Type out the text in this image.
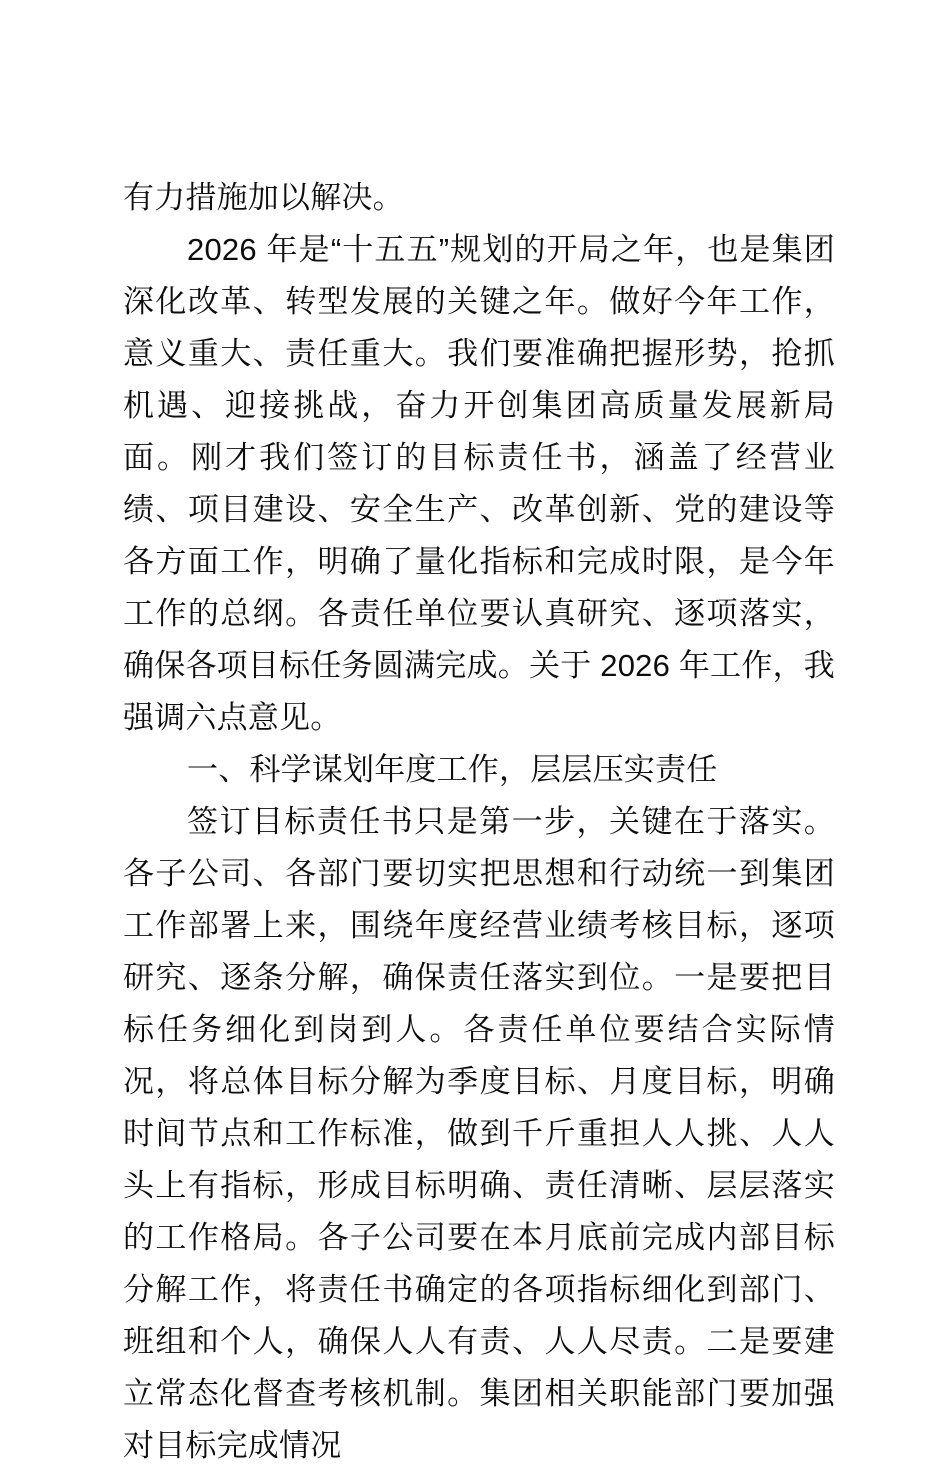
有力措施加以解决。

2026 年是“十五五”规划的开局之年，也是集团深化改革、转型发展的关键之年。做好今年工作，意义重大、责任重大。我们要准确把握形势，抢抓机遇、迎接挑战，奋力开创集团高质量发展新局面。刚才我们签订的目标责任书，涵盖了经营业绩、项目建设、安全生产、改革创新、党的建设等各方面工作，明确了量化指标和完成时限，是今年工作的总纲。各责任单位要认真研究、逐项落实，确保各项目标任务圆满完成。关于 2026 年工作，我强调六点意见。

一、科学谋划年度工作，层层压实责任

签订目标责任书只是第一步，关键在于落实。各子公司、各部门要切实把思想和行动统一到集团工作部署上来，围绕年度经营业绩考核目标，逐项研究、逐条分解，确保责任落实到位。一是要把目标任务细化到岗到人。各责任单位要结合实际情况，将总体目标分解为季度目标、月度目标，明确时间节点和工作标准，做到千斤重担人人挑、人人头上有指标，形成目标明确、责任清晰、层层落实的工作格局。各子公司要在本月底前完成内部目标分解工作，将责任书确定的各项指标细化到部门、班组和个人，确保人人有责、人人尽责。二是要建立常态化督查考核机制。集团相关职能部门要加强对目标完成情况
